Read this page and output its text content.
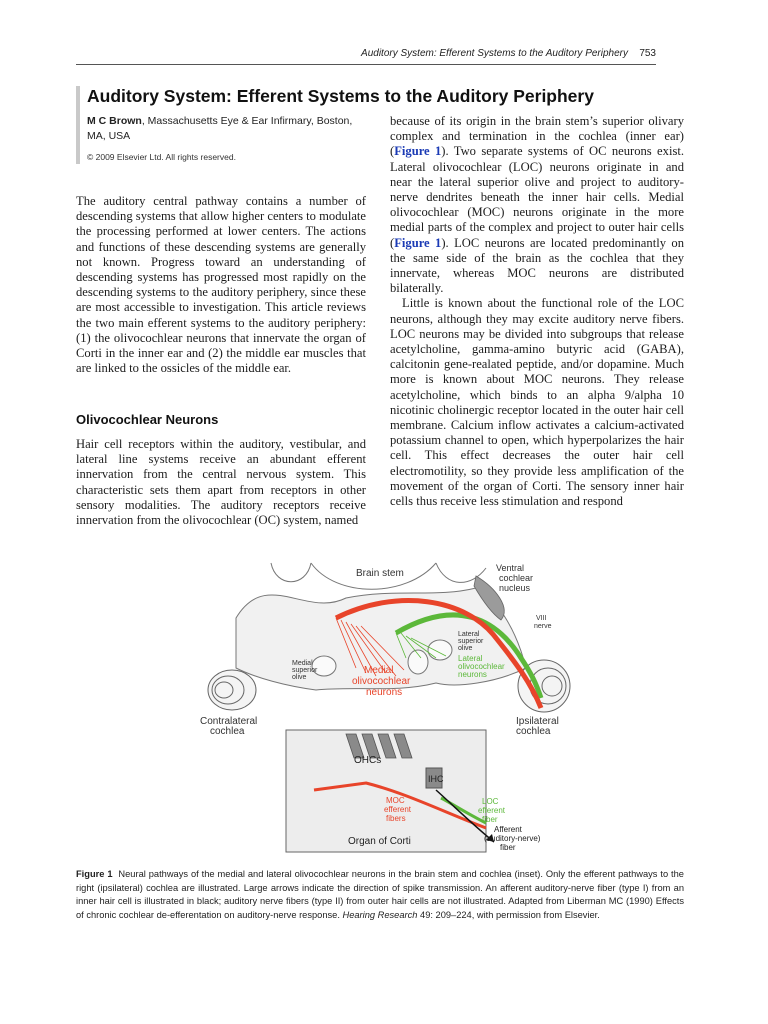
Auditory System: Efferent Systems to the Auditory Periphery 753
Auditory System: Efferent Systems to the Auditory Periphery
M C Brown, Massachusetts Eye & Ear Infirmary, Boston, MA, USA
© 2009 Elsevier Ltd. All rights reserved.

The auditory central pathway contains a number of descending systems that allow higher centers to modulate the processing performed at lower centers. The actions and functions of these descending systems are generally not known. Progress toward an understanding of descending systems has progressed most rapidly on the descending systems to the auditory periphery, since these are most accessible to investigation. This article reviews the two main efferent systems to the auditory periphery: (1) the olivocochlear neurons that innervate the organ of Corti in the inner ear and (2) the middle ear muscles that are linked to the ossicles of the middle ear.

Olivocochlear Neurons

Hair cell receptors within the auditory, vestibular, and lateral line systems receive an abundant efferent innervation from the central nervous system. This characteristic sets them apart from receptors in other sensory modalities. The auditory receptors receive innervation from the olivocochlear (OC) system, named

because of its origin in the brain stem’s superior olivary complex and termination in the cochlea (inner ear) (Figure 1). Two separate systems of OC neurons exist. Lateral olivocochlear (LOC) neurons originate in and near the lateral superior olive and project to auditory-nerve dendrites beneath the inner hair cells. Medial olivocochlear (MOC) neurons originate in the more medial parts of the complex and project to outer hair cells (Figure 1). LOC neurons are located predominantly on the same side of the brain as the cochlea that they innervate, whereas MOC neurons are distributed bilaterally.

Little is known about the functional role of the LOC neurons, although they may excite auditory nerve fibers. LOC neurons may be divided into subgroups that release acetylcholine, gamma-amino butyric acid (GABA), calcitonin gene-realated peptide, and/or dopamine. Much more is known about MOC neurons. They release acetylcholine, which binds to an alpha 9/alpha 10 nicotinic cholinergic receptor located in the outer hair cell membrane. Calcium inflow activates a calcium-activated potassium channel to open, which hyperpolarizes the hair cell. This effect decreases the outer hair cell electromotility, so they provide less amplification of the movement of the organ of Corti. The sensory inner hair cells thus receive less stimulation and respond

Brain stem	Ventral
cochlear
nucleus
VIII
nerve
Lateral
superior
olive
Lateral
olivocochlear
neurons
Medial
superior
olive
Medial
olivocochlear
neurons
Contralateral
cochlea
Ipsilateral
cochlea
OHCs
IHC
MOC
efferent
fibers
LOC
efferent
fiber
Afferent
(auditory-nerve)
fiber
Organ of Corti
Figure 1 Neural pathways of the medial and lateral olivocochlear neurons in the brain stem and cochlea (inset). Only the efferent pathways to the right (ipsilateral) cochlea are illustrated. Large arrows indicate the direction of spike transmission. An afferent auditory-nerve fiber (type I) from an inner hair cell is illustrated in black; auditory nerve fibers (type II) from outer hair cells are not illustrated. Adapted from Liberman MC (1990) Effects of chronic cochlear de-efferentation on auditory-nerve response. Hearing Research 49: 209–224, with permission from Elsevier.
